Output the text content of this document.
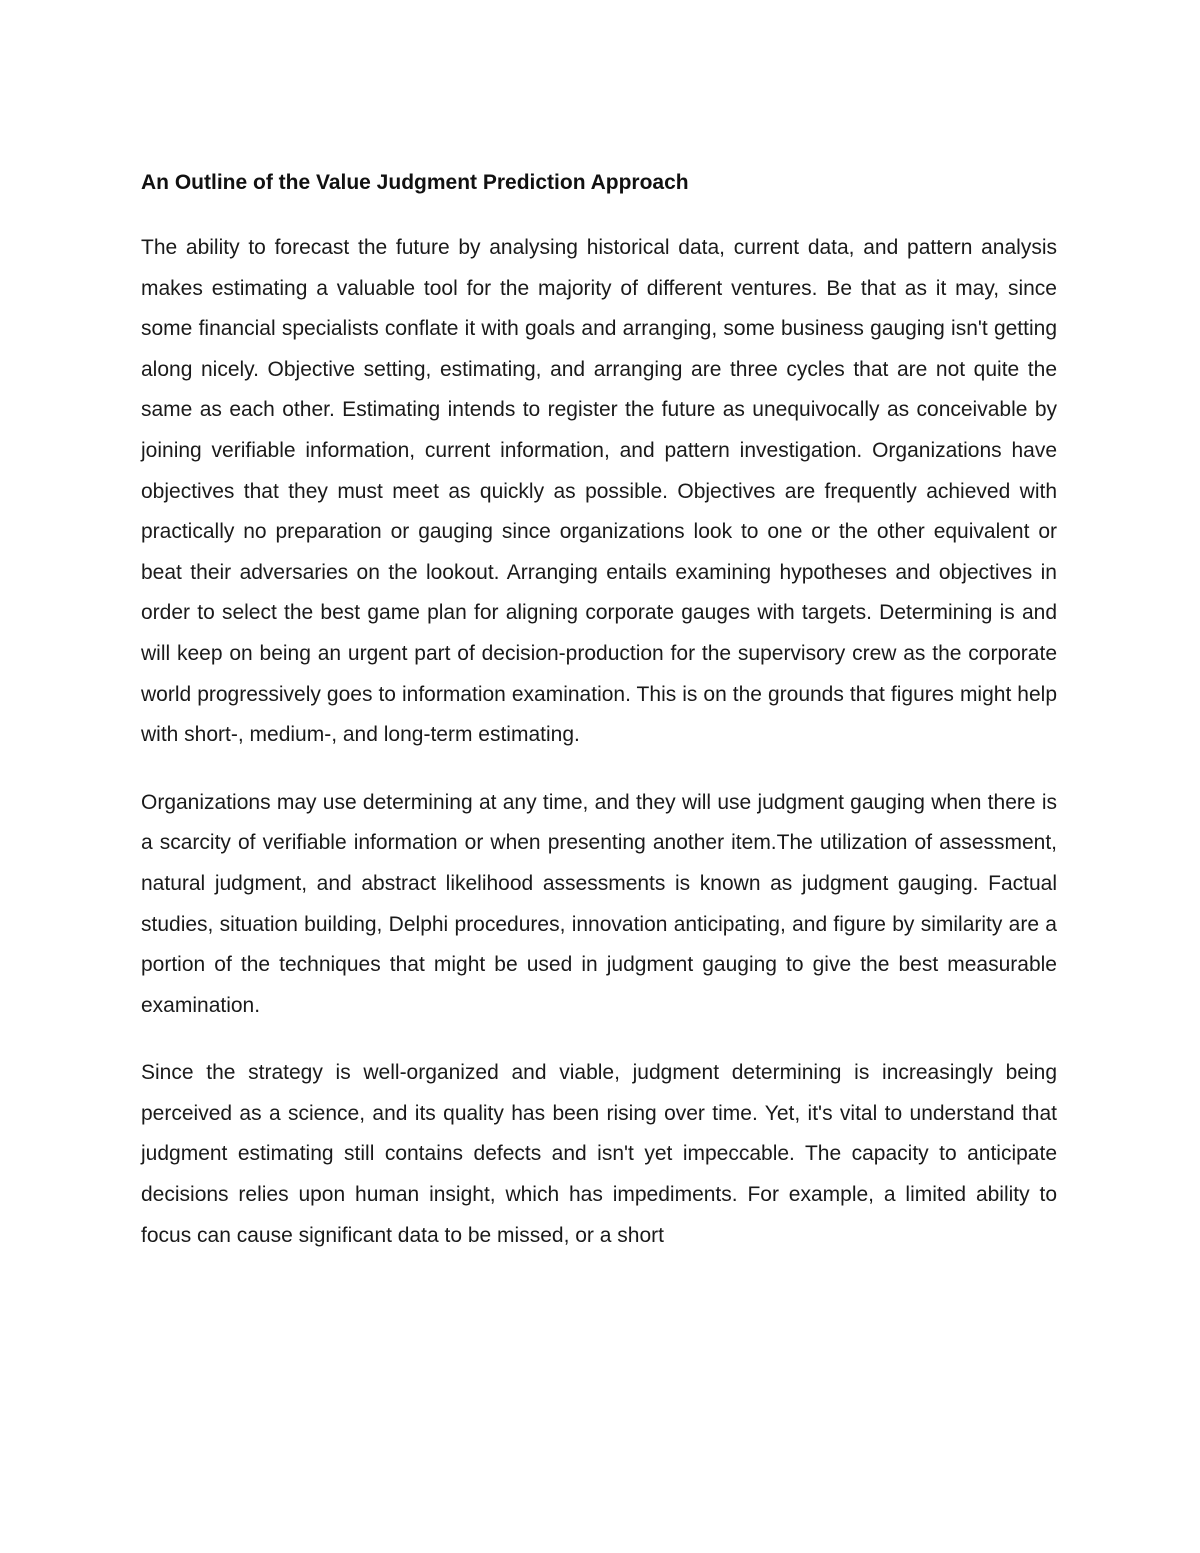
An Outline of the Value Judgment Prediction Approach

The ability to forecast the future by analysing historical data, current data, and pattern analysis makes estimating a valuable tool for the majority of different ventures. Be that as it may, since some financial specialists conflate it with goals and arranging, some business gauging isn't getting along nicely. Objective setting, estimating, and arranging are three cycles that are not quite the same as each other. Estimating intends to register the future as unequivocally as conceivable by joining verifiable information, current information, and pattern investigation. Organizations have objectives that they must meet as quickly as possible. Objectives are frequently achieved with practically no preparation or gauging since organizations look to one or the other equivalent or beat their adversaries on the lookout. Arranging entails examining hypotheses and objectives in order to select the best game plan for aligning corporate gauges with targets. Determining is and will keep on being an urgent part of decision-production for the supervisory crew as the corporate world progressively goes to information examination. This is on the grounds that figures might help with short-, medium-, and long-term estimating.

Organizations may use determining at any time, and they will use judgment gauging when there is a scarcity of verifiable information or when presenting another item.The utilization of assessment, natural judgment, and abstract likelihood assessments is known as judgment gauging. Factual studies, situation building, Delphi procedures, innovation anticipating, and figure by similarity are a portion of the techniques that might be used in judgment gauging to give the best measurable examination.

Since the strategy is well-organized and viable, judgment determining is increasingly being perceived as a science, and its quality has been rising over time. Yet, it's vital to understand that judgment estimating still contains defects and isn't yet impeccable. The capacity to anticipate decisions relies upon human insight, which has impediments. For example, a limited ability to focus can cause significant data to be missed, or a short
